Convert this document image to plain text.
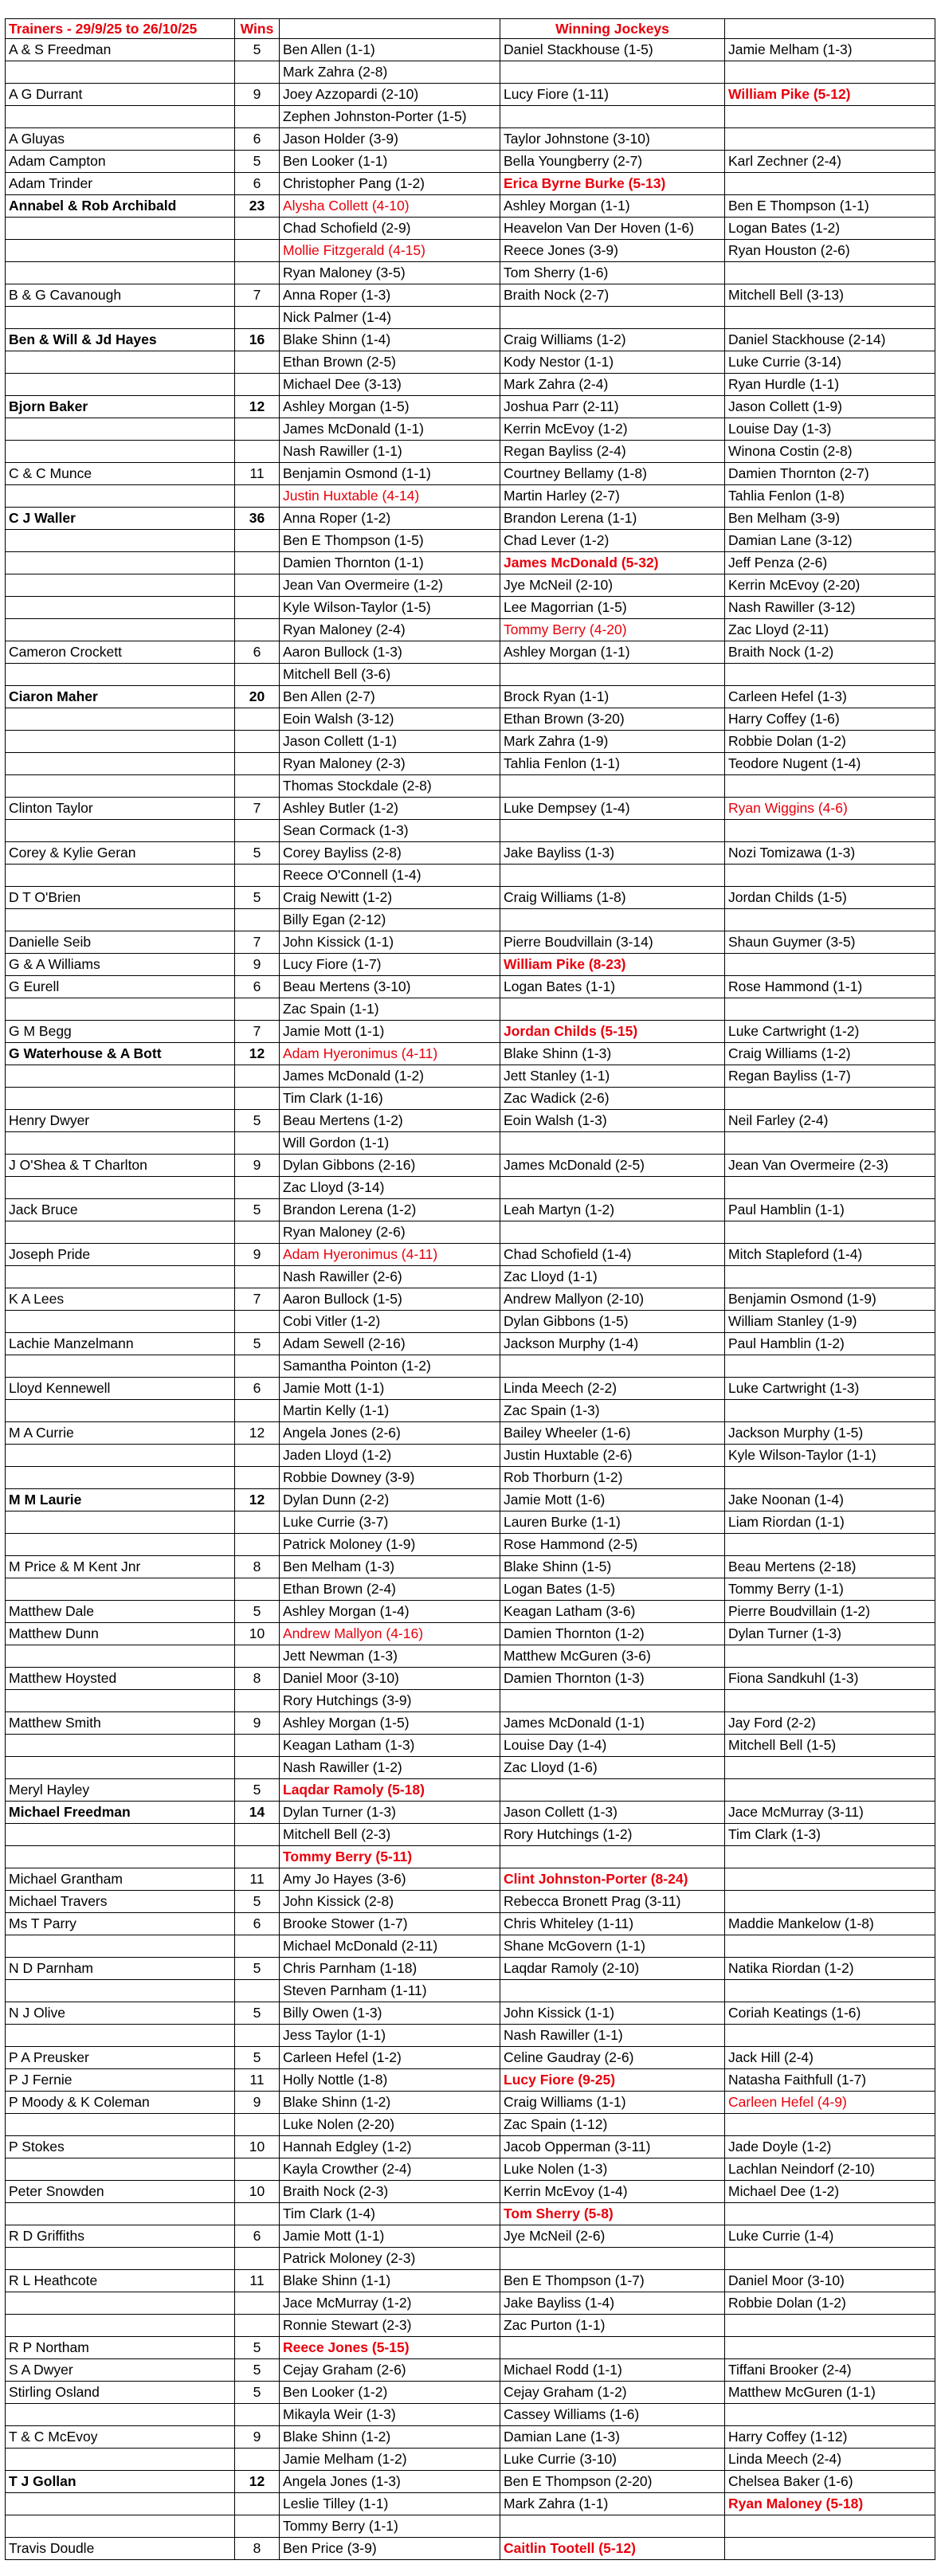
Trainers - 29/9/25 to 26/10/25	Wins		Winning Jockeys	
A & S Freedman	5	Ben Allen (1-1)	Daniel Stackhouse (1-5)	Jamie Melham (1-3)
		Mark Zahra (2-8)		
A G Durrant	9	Joey Azzopardi (2-10)	Lucy Fiore (1-11)	William Pike (5-12)
		Zephen Johnston-Porter (1-5)		
A Gluyas	6	Jason Holder (3-9)	Taylor Johnstone (3-10)	
Adam Campton	5	Ben Looker (1-1)	Bella Youngberry (2-7)	Karl Zechner (2-4)
Adam Trinder	6	Christopher Pang (1-2)	Erica Byrne Burke (5-13)	
Annabel & Rob Archibald	23	Alysha Collett (4-10)	Ashley Morgan (1-1)	Ben E Thompson (1-1)
		Chad Schofield (2-9)	Heavelon Van Der Hoven (1-6)	Logan Bates (1-2)
		Mollie Fitzgerald (4-15)	Reece Jones (3-9)	Ryan Houston (2-6)
		Ryan Maloney (3-5)	Tom Sherry (1-6)	
B & G Cavanough	7	Anna Roper (1-3)	Braith Nock (2-7)	Mitchell Bell (3-13)
		Nick Palmer (1-4)		
Ben & Will & Jd Hayes	16	Blake Shinn (1-4)	Craig Williams (1-2)	Daniel Stackhouse (2-14)
		Ethan Brown (2-5)	Kody Nestor (1-1)	Luke Currie (3-14)
		Michael Dee (3-13)	Mark Zahra (2-4)	Ryan Hurdle (1-1)
Bjorn Baker	12	Ashley Morgan (1-5)	Joshua Parr (2-11)	Jason Collett (1-9)
		James McDonald (1-1)	Kerrin McEvoy (1-2)	Louise Day (1-3)
		Nash Rawiller (1-1)	Regan Bayliss (2-4)	Winona Costin (2-8)
C & C Munce	11	Benjamin Osmond (1-1)	Courtney Bellamy (1-8)	Damien Thornton (2-7)
		Justin Huxtable (4-14)	Martin Harley (2-7)	Tahlia Fenlon (1-8)
C J Waller	36	Anna Roper (1-2)	Brandon Lerena (1-1)	Ben Melham (3-9)
		Ben E Thompson (1-5)	Chad Lever (1-2)	Damian Lane (3-12)
		Damien Thornton (1-1)	James McDonald (5-32)	Jeff Penza (2-6)
		Jean Van Overmeire (1-2)	Jye McNeil (2-10)	Kerrin McEvoy (2-20)
		Kyle Wilson-Taylor (1-5)	Lee Magorrian (1-5)	Nash Rawiller (3-12)
		Ryan Maloney (2-4)	Tommy Berry (4-20)	Zac Lloyd (2-11)
Cameron Crockett	6	Aaron Bullock (1-3)	Ashley Morgan (1-1)	Braith Nock (1-2)
		Mitchell Bell (3-6)		
Ciaron Maher	20	Ben Allen (2-7)	Brock Ryan (1-1)	Carleen Hefel (1-3)
		Eoin Walsh (3-12)	Ethan Brown (3-20)	Harry Coffey (1-6)
		Jason Collett (1-1)	Mark Zahra (1-9)	Robbie Dolan (1-2)
		Ryan Maloney (2-3)	Tahlia Fenlon (1-1)	Teodore Nugent (1-4)
		Thomas Stockdale (2-8)		
Clinton Taylor	7	Ashley Butler (1-2)	Luke Dempsey (1-4)	Ryan Wiggins (4-6)
		Sean Cormack (1-3)		
Corey & Kylie Geran	5	Corey Bayliss (2-8)	Jake Bayliss (1-3)	Nozi Tomizawa (1-3)
		Reece O'Connell (1-4)		
D T O'Brien	5	Craig Newitt (1-2)	Craig Williams (1-8)	Jordan Childs (1-5)
		Billy Egan (2-12)		
Danielle Seib	7	John Kissick (1-1)	Pierre Boudvillain (3-14)	Shaun Guymer (3-5)
G & A Williams	9	Lucy Fiore (1-7)	William Pike (8-23)	
G Eurell	6	Beau Mertens (3-10)	Logan Bates (1-1)	Rose Hammond (1-1)
		Zac Spain (1-1)		
G M Begg	7	Jamie Mott (1-1)	Jordan Childs (5-15)	Luke Cartwright (1-2)
G Waterhouse & A Bott	12	Adam Hyeronimus (4-11)	Blake Shinn (1-3)	Craig Williams (1-2)
		James McDonald (1-2)	Jett Stanley (1-1)	Regan Bayliss (1-7)
		Tim Clark (1-16)	Zac Wadick (2-6)	
Henry Dwyer	5	Beau Mertens (1-2)	Eoin Walsh (1-3)	Neil Farley (2-4)
		Will Gordon (1-1)		
J O'Shea & T Charlton	9	Dylan Gibbons (2-16)	James McDonald (2-5)	Jean Van Overmeire (2-3)
		Zac Lloyd (3-14)		
Jack Bruce	5	Brandon Lerena (1-2)	Leah Martyn (1-2)	Paul Hamblin (1-1)
		Ryan Maloney (2-6)		
Joseph Pride	9	Adam Hyeronimus (4-11)	Chad Schofield (1-4)	Mitch Stapleford (1-4)
		Nash Rawiller (2-6)	Zac Lloyd (1-1)	
K A Lees	7	Aaron Bullock (1-5)	Andrew Mallyon (2-10)	Benjamin Osmond (1-9)
		Cobi Vitler (1-2)	Dylan Gibbons (1-5)	William Stanley (1-9)
Lachie Manzelmann	5	Adam Sewell (2-16)	Jackson Murphy (1-4)	Paul Hamblin (1-2)
		Samantha Pointon (1-2)		
Lloyd Kennewell	6	Jamie Mott (1-1)	Linda Meech (2-2)	Luke Cartwright (1-3)
		Martin Kelly (1-1)	Zac Spain (1-3)	
M A Currie	12	Angela Jones (2-6)	Bailey Wheeler (1-6)	Jackson Murphy (1-5)
		Jaden Lloyd (1-2)	Justin Huxtable (2-6)	Kyle Wilson-Taylor (1-1)
		Robbie Downey (3-9)	Rob Thorburn (1-2)	
M M Laurie	12	Dylan Dunn (2-2)	Jamie Mott (1-6)	Jake Noonan (1-4)
		Luke Currie (3-7)	Lauren Burke (1-1)	Liam Riordan (1-1)
		Patrick Moloney (1-9)	Rose Hammond (2-5)	
M Price & M Kent Jnr	8	Ben Melham (1-3)	Blake Shinn (1-5)	Beau Mertens (2-18)
		Ethan Brown (2-4)	Logan Bates (1-5)	Tommy Berry (1-1)
Matthew Dale	5	Ashley Morgan (1-4)	Keagan Latham (3-6)	Pierre Boudvillain (1-2)
Matthew Dunn	10	Andrew Mallyon (4-16)	Damien Thornton (1-2)	Dylan Turner (1-3)
		Jett Newman (1-3)	Matthew McGuren (3-6)	
Matthew Hoysted	8	Daniel Moor (3-10)	Damien Thornton (1-3)	Fiona Sandkuhl (1-3)
		Rory Hutchings (3-9)		
Matthew Smith	9	Ashley Morgan (1-5)	James McDonald (1-1)	Jay Ford (2-2)
		Keagan Latham (1-3)	Louise Day (1-4)	Mitchell Bell (1-5)
		Nash Rawiller (1-2)	Zac Lloyd (1-6)	
Meryl Hayley	5	Laqdar Ramoly (5-18)		
Michael Freedman	14	Dylan Turner (1-3)	Jason Collett (1-3)	Jace McMurray (3-11)
		Mitchell Bell (2-3)	Rory Hutchings (1-2)	Tim Clark (1-3)
		Tommy Berry (5-11)		
Michael Grantham	11	Amy Jo Hayes (3-6)	Clint Johnston-Porter (8-24)	
Michael Travers	5	John Kissick (2-8)	Rebecca Bronett Prag (3-11)	
Ms T Parry	6	Brooke Stower (1-7)	Chris Whiteley (1-11)	Maddie Mankelow (1-8)
		Michael McDonald (2-11)	Shane McGovern (1-1)	
N D Parnham	5	Chris Parnham (1-18)	Laqdar Ramoly (2-10)	Natika Riordan (1-2)
		Steven Parnham (1-11)		
N J Olive	5	Billy Owen (1-3)	John Kissick (1-1)	Coriah Keatings (1-6)
		Jess Taylor (1-1)	Nash Rawiller (1-1)	
P A Preusker	5	Carleen Hefel (1-2)	Celine Gaudray (2-6)	Jack Hill (2-4)
P J Fernie	11	Holly Nottle (1-8)	Lucy Fiore (9-25)	Natasha Faithfull (1-7)
P Moody & K Coleman	9	Blake Shinn (1-2)	Craig Williams (1-1)	Carleen Hefel (4-9)
		Luke Nolen (2-20)	Zac Spain (1-12)	
P Stokes	10	Hannah Edgley (1-2)	Jacob Opperman (3-11)	Jade Doyle (1-2)
		Kayla Crowther (2-4)	Luke Nolen (1-3)	Lachlan Neindorf (2-10)
Peter Snowden	10	Braith Nock (2-3)	Kerrin McEvoy (1-4)	Michael Dee (1-2)
		Tim Clark (1-4)	Tom Sherry (5-8)	
R D Griffiths	6	Jamie Mott (1-1)	Jye McNeil (2-6)	Luke Currie (1-4)
		Patrick Moloney (2-3)		
R L Heathcote	11	Blake Shinn (1-1)	Ben E Thompson (1-7)	Daniel Moor (3-10)
		Jace McMurray (1-2)	Jake Bayliss (1-4)	Robbie Dolan (1-2)
		Ronnie Stewart (2-3)	Zac Purton (1-1)	
R P Northam	5	Reece Jones (5-15)		
S A Dwyer	5	Cejay Graham (2-6)	Michael Rodd (1-1)	Tiffani Brooker (2-4)
Stirling Osland	5	Ben Looker (1-2)	Cejay Graham (1-2)	Matthew McGuren (1-1)
		Mikayla Weir (1-3)	Cassey Williams (1-6)	
T & C McEvoy	9	Blake Shinn (1-2)	Damian Lane (1-3)	Harry Coffey (1-12)
		Jamie Melham (1-2)	Luke Currie (3-10)	Linda Meech (2-4)
T J Gollan	12	Angela Jones (1-3)	Ben E Thompson (2-20)	Chelsea Baker (1-6)
		Leslie Tilley (1-1)	Mark Zahra (1-1)	Ryan Maloney (5-18)
		Tommy Berry (1-1)		
Travis Doudle	8	Ben Price (3-9)	Caitlin Tootell (5-12)	
